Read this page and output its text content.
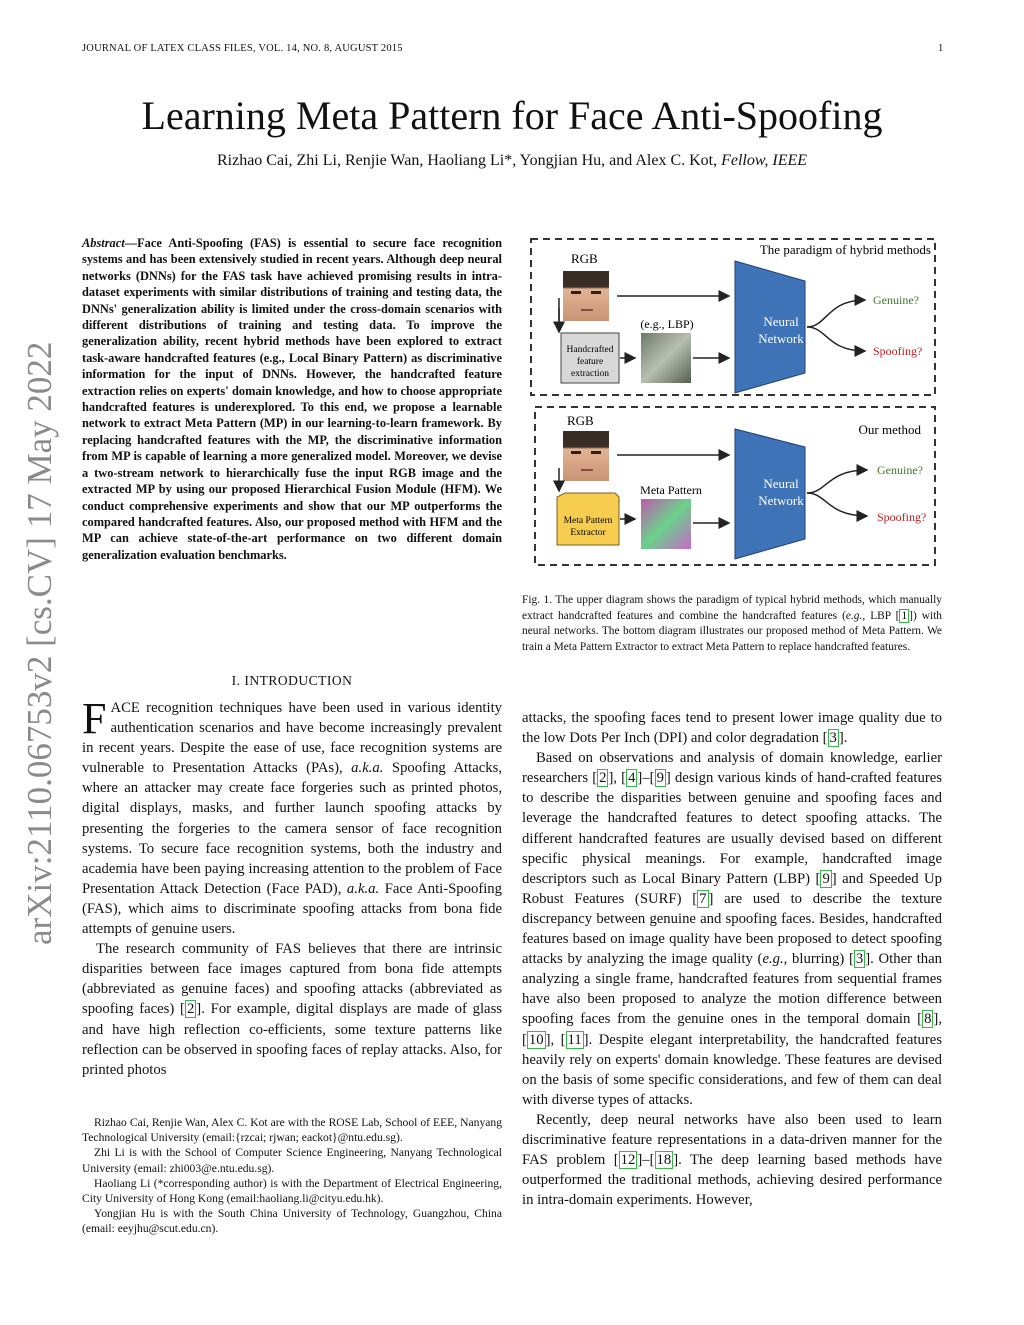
JOURNAL OF LATEX CLASS FILES, VOL. 14, NO. 8, AUGUST 2015	1
Learning Meta Pattern for Face Anti-Spoofing
Rizhao Cai, Zhi Li, Renjie Wan, Haoliang Li*, Yongjian Hu, and Alex C. Kot, Fellow, IEEE
arXiv:2110.06753v2 [cs.CV] 17 May 2022
Abstract—Face Anti-Spoofing (FAS) is essential to secure face recognition systems and has been extensively studied in recent years. Although deep neural networks (DNNs) for the FAS task have achieved promising results in intra-dataset experiments with similar distributions of training and testing data, the DNNs' generalization ability is limited under the cross-domain scenarios with different distributions of training and testing data. To improve the generalization ability, recent hybrid methods have been explored to extract task-aware handcrafted features (e.g., Local Binary Pattern) as discriminative information for the input of DNNs. However, the handcrafted feature extraction relies on experts' domain knowledge, and how to choose appropriate handcrafted features is underexplored. To this end, we propose a learnable network to extract Meta Pattern (MP) in our learning-to-learn framework. By replacing handcrafted features with the MP, the discriminative information from MP is capable of learning a more generalized model. Moreover, we devise a two-stream network to hierarchically fuse the input RGB image and the extracted MP by using our proposed Hierarchical Fusion Module (HFM). We conduct comprehensive experiments and show that our MP outperforms the compared handcrafted features. Also, our proposed method with HFM and the MP can achieve state-of-the-art performance on two different domain generalization evaluation benchmarks.
I. INTRODUCTION

FACE recognition techniques have been used in various identity authentication scenarios and have become increasingly prevalent in recent years. Despite the ease of use, face recognition systems are vulnerable to Presentation Attacks (PAs), a.k.a. Spoofing Attacks, where an attacker may create face forgeries such as printed photos, digital displays, masks, and further launch spoofing attacks by presenting the forgeries to the camera sensor of face recognition systems. To secure face recognition systems, both the industry and academia have been paying increasing attention to the problem of Face Presentation Attack Detection (Face PAD), a.k.a. Face Anti-Spoofing (FAS), which aims to discriminate spoofing attacks from bona fide attempts of genuine users.

The research community of FAS believes that there are intrinsic disparities between face images captured from bona fide attempts (abbreviated as genuine faces) and spoofing attacks (abbreviated as spoofing faces) [ 2 ]. For example, digital displays are made of glass and have high reflection co-efficients, some texture patterns like reflection can be observed in spoofing faces of replay attacks. Also, for printed photos

Rizhao Cai, Renjie Wan, Alex C. Kot are with the ROSE Lab, School of EEE, Nanyang Technological University (email:{rzcai; rjwan; eackot}@ntu.edu.sg).

Zhi Li is with the School of Computer Science Engineering, Nanyang Technological University (email: zhi003@e.ntu.edu.sg).

Haoliang Li (*corresponding author) is with the Department of Electrical Engineering, City University of Hong Kong (email:haoliang.li@cityu.edu.hk).

Yongjian Hu is with the South China University of Technology, Guangzhou, China (email: eeyjhu@scut.edu.cn).

The paradigm of hybrid methods
RGB
Handcrafted
feature
extraction
(e.g., LBP)	Neural
Network
Genuine?
Spoofing?
Our method
RGB
Meta Pattern
Extractor
Meta Pattern	Neural
Network
Genuine?
Spoofing?
Fig. 1. The upper diagram shows the paradigm of typical hybrid methods, which manually extract handcrafted features and combine the handcrafted features (e.g., LBP [ 1 ]) with neural networks. The bottom diagram illustrates our proposed method of Meta Pattern. We train a Meta Pattern Extractor to extract Meta Pattern to replace handcrafted features.

attacks, the spoofing faces tend to present lower image quality due to the low Dots Per Inch (DPI) and color degradation [ 3 ].

Based on observations and analysis of domain knowledge, earlier researchers [ 2 ], [ 4 ]–[ 9 ] design various kinds of hand-crafted features to describe the disparities between genuine and spoofing faces and leverage the handcrafted features to detect spoofing attacks. The different handcrafted features are usually devised based on different specific physical meanings. For example, handcrafted image descriptors such as Local Binary Pattern (LBP) [ 9 ] and Speeded Up Robust Features (SURF) [ 7 ] are used to describe the texture discrepancy between genuine and spoofing faces. Besides, handcrafted features based on image quality have been proposed to detect spoofing attacks by analyzing the image quality (e.g., blurring) [ 3 ]. Other than analyzing a single frame, handcrafted features from sequential frames have also been proposed to analyze the motion difference between spoofing faces from the genuine ones in the temporal domain [ 8 ], [ 10 ], [ 11 ]. Despite elegant interpretability, the handcrafted features heavily rely on experts' domain knowledge. These features are devised on the basis of some specific considerations, and few of them can deal with diverse types of attacks.

Recently, deep neural networks have also been used to learn discriminative feature representations in a data-driven manner for the FAS problem [ 12 ]–[ 18 ]. The deep learning based methods have outperformed the traditional methods, achieving desired performance in intra-domain experiments. However,
